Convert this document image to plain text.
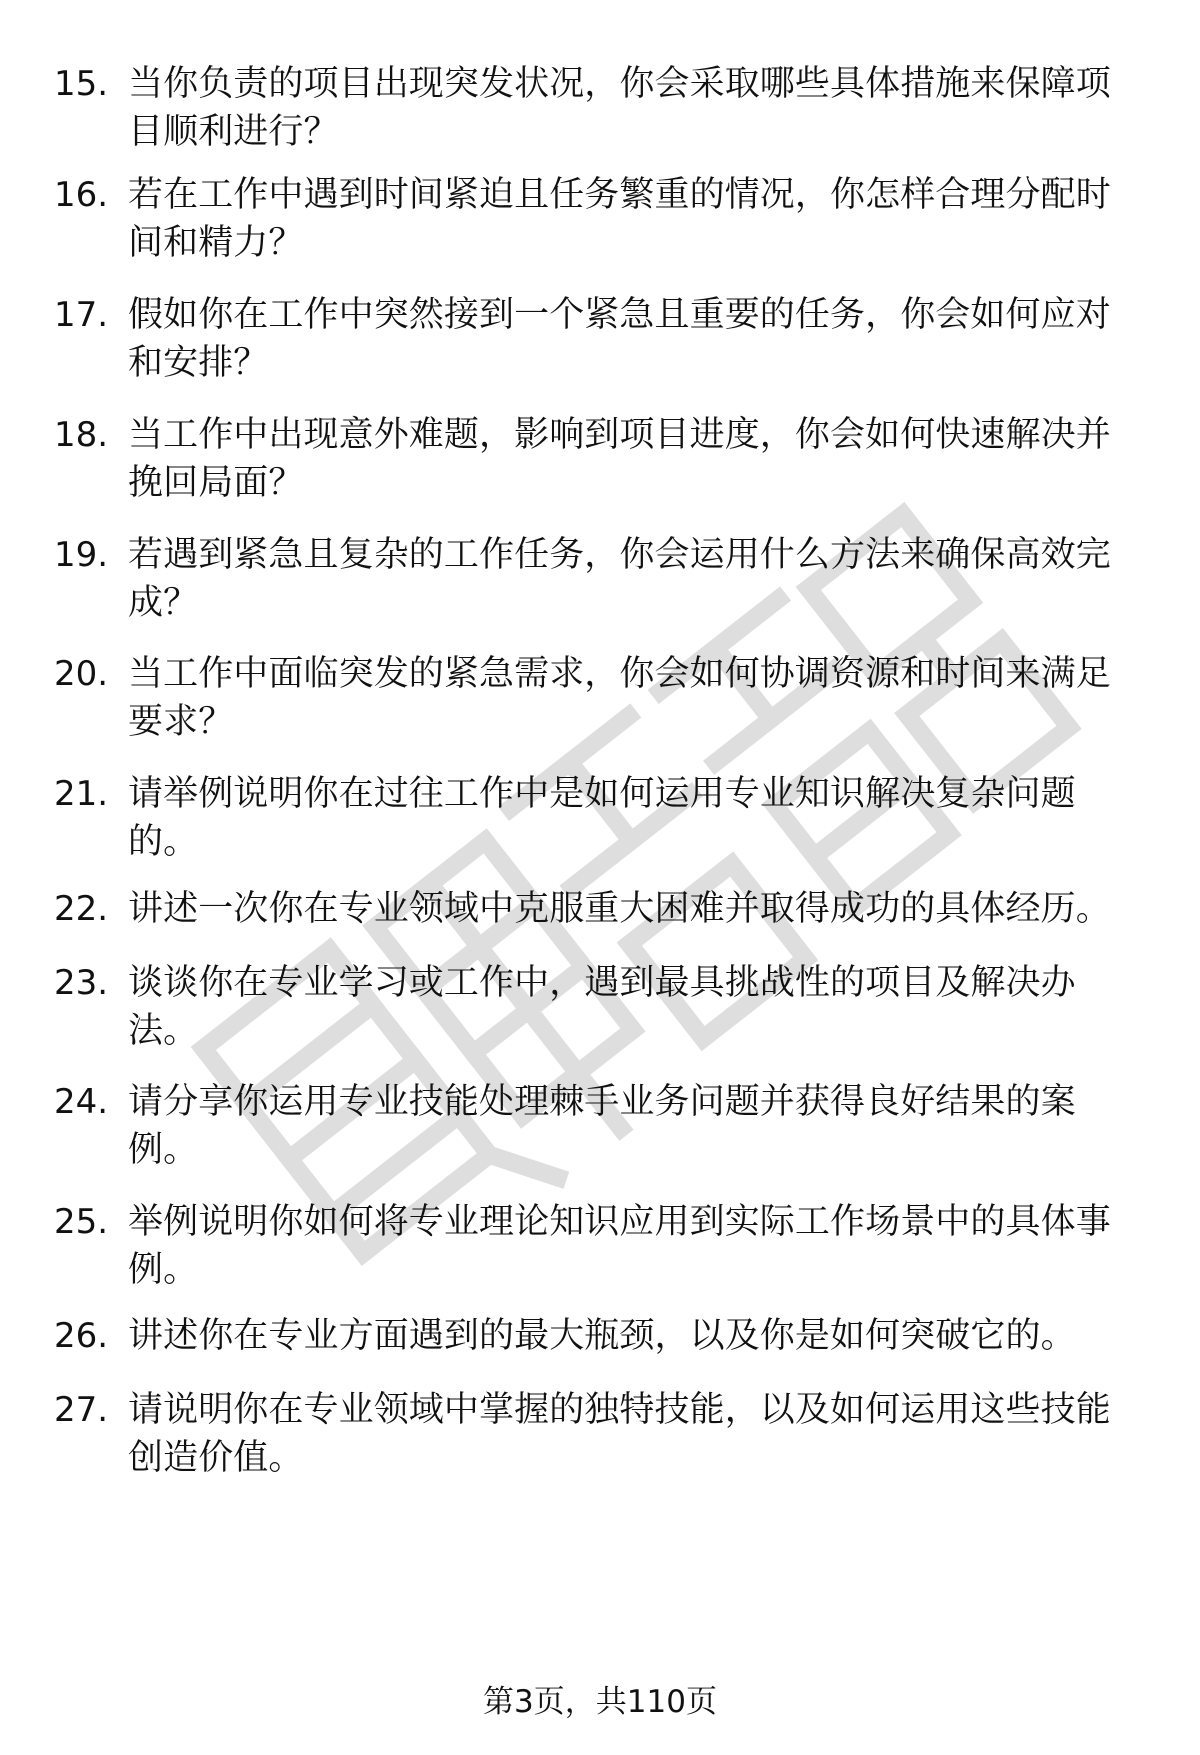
15. 当你负责的项目出现突发状况，你会采取哪些具体措施来保障项目顺利进行？
16. 若在工作中遇到时间紧迫且任务繁重的情况，你怎样合理分配时间和精力？
17. 假如你在工作中突然接到一个紧急且重要的任务，你会如何应对和安排？
18. 当工作中出现意外难题，影响到项目进度，你会如何快速解决并挽回局面？
19. 若遇到紧急且复杂的工作任务，你会运用什么方法来确保高效完成？
20. 当工作中面临突发的紧急需求，你会如何协调资源和时间来满足要求？
21. 请举例说明你在过往工作中是如何运用专业知识解决复杂问题的。
22. 讲述一次你在专业领域中克服重大困难并取得成功的具体经历。
23. 谈谈你在专业学习或工作中，遇到最具挑战性的项目及解决办法。
24. 请分享你运用专业技能处理棘手业务问题并获得良好结果的案例。
25. 举例说明你如何将专业理论知识应用到实际工作场景中的具体事例。
26. 讲述你在专业方面遇到的最大瓶颈，以及你是如何突破它的。
27. 请说明你在专业领域中掌握的独特技能，以及如何运用这些技能创造价值。
第3页，共110页
